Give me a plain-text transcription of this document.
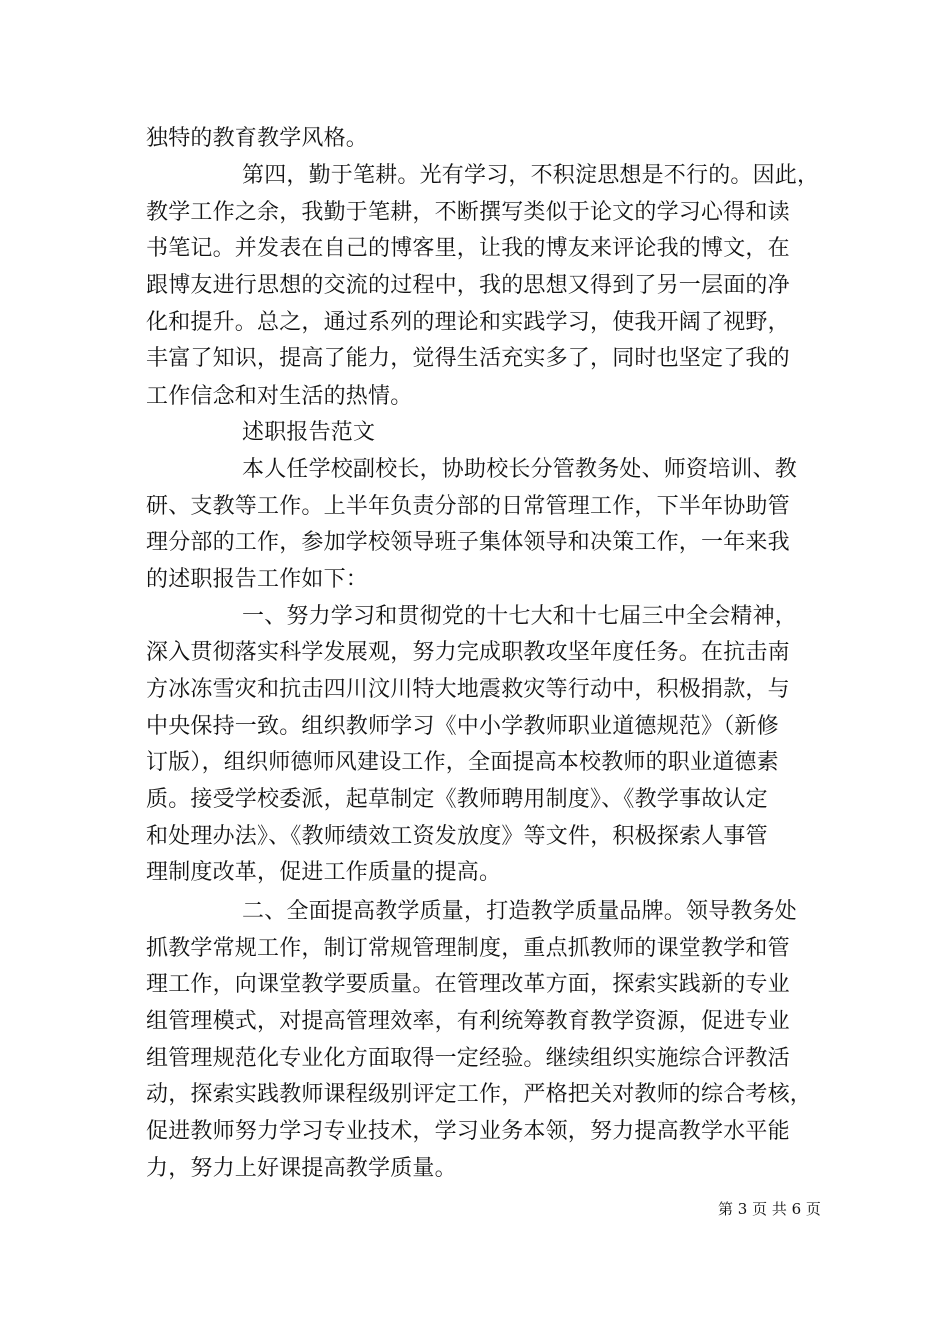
独特的教育教学风格。
第四，勤于笔耕。光有学习，不积淀思想是不行的。因此，
教学工作之余，我勤于笔耕，不断撰写类似于论文的学习心得和读
书笔记。并发表在自己的博客里，让我的博友来评论我的博文，在
跟博友进行思想的交流的过程中，我的思想又得到了另一层面的净
化和提升。总之，通过系列的理论和实践学习，使我开阔了视野，
丰富了知识，提高了能力，觉得生活充实多了，同时也坚定了我的
工作信念和对生活的热情。
述职报告范文
本人任学校副校长，协助校长分管教务处、师资培训、教
研、支教等工作。上半年负责分部的日常管理工作，下半年协助管
理分部的工作，参加学校领导班子集体领导和决策工作，一年来我
的述职报告工作如下：
一、努力学习和贯彻党的十七大和十七届三中全会精神，
深入贯彻落实科学发展观，努力完成职教攻坚年度任务。在抗击南
方冰冻雪灾和抗击四川汶川特大地震救灾等行动中，积极捐款，与
中央保持一致。组织教师学习《中小学教师职业道德规范》（新修
订版），组织师德师风建设工作，全面提高本校教师的职业道德素
质。接受学校委派，起草制定《教师聘用制度》、《教学事故认定
和处理办法》、《教师绩效工资发放度》等文件，积极探索人事管
理制度改革，促进工作质量的提高。
二、全面提高教学质量，打造教学质量品牌。领导教务处
抓教学常规工作，制订常规管理制度，重点抓教师的课堂教学和管
理工作，向课堂教学要质量。在管理改革方面，探索实践新的专业
组管理模式，对提高管理效率，有利统筹教育教学资源，促进专业
组管理规范化专业化方面取得一定经验。继续组织实施综合评教活
动，探索实践教师课程级别评定工作，严格把关对教师的综合考核，
促进教师努力学习专业技术，学习业务本领，努力提高教学水平能
力，努力上好课提高教学质量。
第 3 页 共 6 页
